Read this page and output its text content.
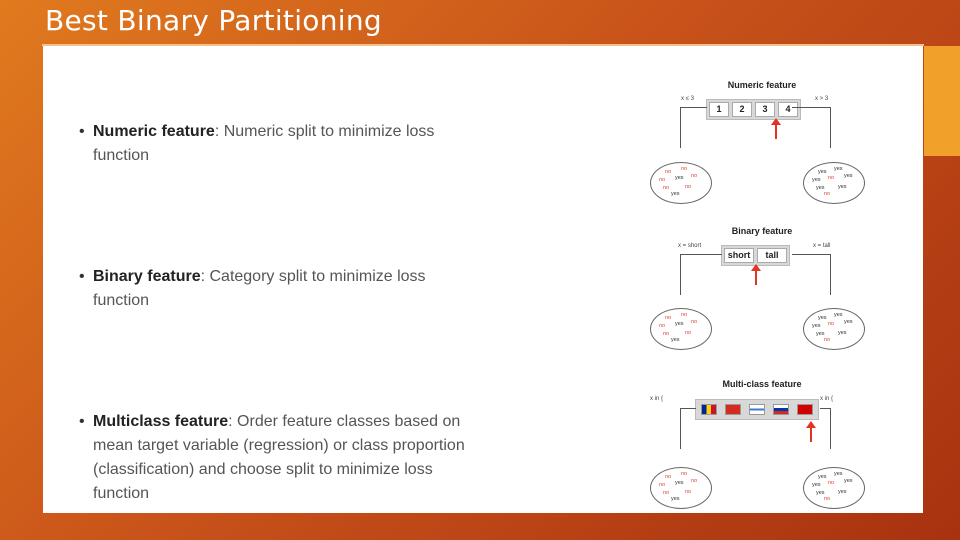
Best Binary Partitioning
• Numeric feature: Numeric split to minimize loss function
• Binary feature: Category split to minimize loss function
• Multiclass feature: Order feature classes based on mean target variable (regression) or class proportion (classification) and choose split to minimize loss function
Numeric feature
x ≤ 3	x > 3
1	2	3	4
no no
no yes no
no	no
yes
yes yes
yes no yes
yes yes
no
Binary feature
x = short	x = tall
short	tall
no no
no yes no
no	no
yes
yes yes
yes no yes
yes yes
no
Multi-class feature
x in {	x in {
no no
no yes no
no	no
yes
yes yes
yes no yes
yes yes
no
